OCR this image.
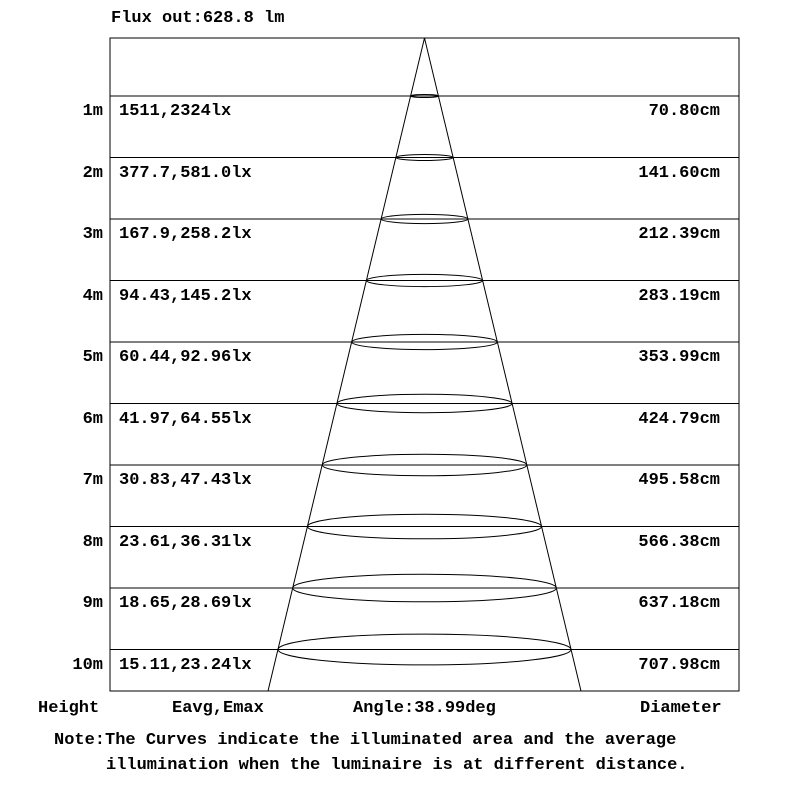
Flux out:628.8 lm
1m 1511,2324lx	70.80cm
2m 377.7,581.0lx	141.60cm
3m 167.9,258.2lx	212.39cm
4m 94.43,145.2lx	283.19cm
5m 60.44,92.96lx	353.99cm
6m 41.97,64.55lx	424.79cm
7m 30.83,47.43lx	495.58cm
8m 23.61,36.31lx	566.38cm
9m 18.65,28.69lx	637.18cm
10m 15.11,23.24lx	707.98cm
Height	Eavg,Emax	Angle:38.99deg	Diameter
Note:The Curves indicate the illuminated area and the average
illumination when the luminaire is at different distance.
